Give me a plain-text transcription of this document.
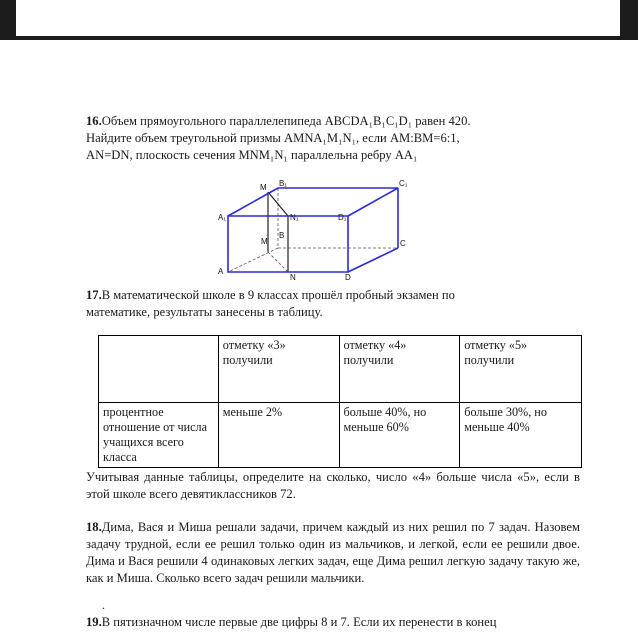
16.Объем прямоугольного параллелепипеда ABCDA₁B₁C₁D₁ равен 420.
Найдите объем треугольной призмы AMNA₁M₁N₁, если AM:BM=6:1,
AN=DN, плоскость сечения MNM₁N₁ параллельна ребру AA₁
M B₁	C₁
A₁	N₁	D₁
M
B
C
A
N	D
17.В математической школе в 9 классах прошёл пробный экзамен по
математике, результаты занесены в таблицу.
	отметку «3» получили	отметку «4» получили	отметку «5» получили
процентное отношение от числа учащихся всего класса	меньше 2%	больше 40%, но меньше 60%	больше 30%, но меньше 40%
Учитывая данные таблицы, определите на сколько, число «4» больше числа «5», если в этой школе всего девятиклассников 72.
18.Дима, Вася и Миша решали задачи, причем каждый из них решил по 7 задач. Назовем задачу трудной, если ее решил только один из мальчиков, и легкой, если ее решили двое. Дима и Вася решили 4 одинаковых легких задач, еще Дима решил легкую задачу такую же, как и Миша. Сколько всего задач решили мальчики.
.
19.В пятизначном числе первые две цифры 8 и 7. Если их перенести в конец
